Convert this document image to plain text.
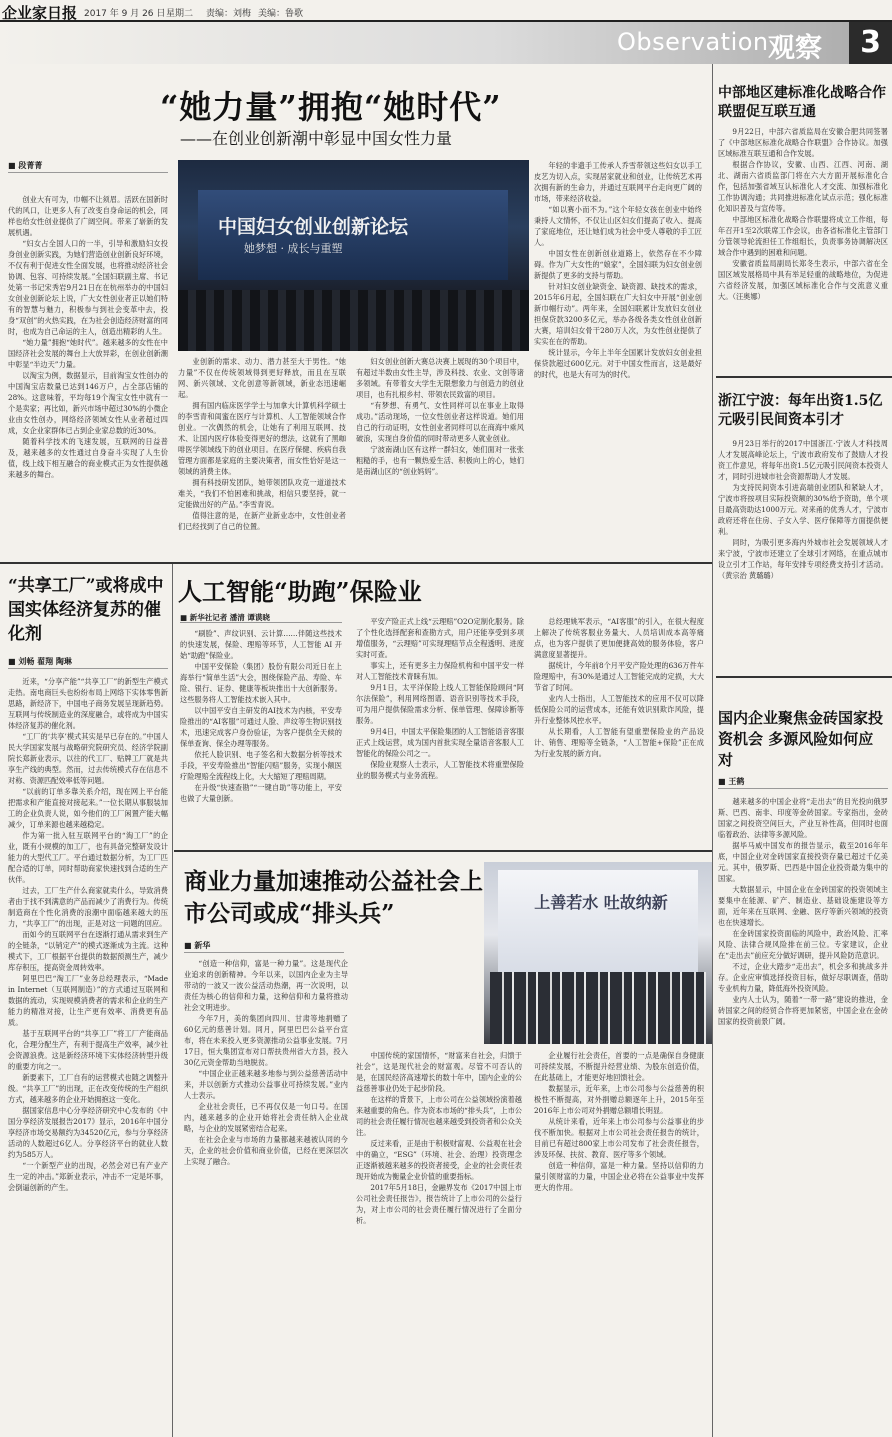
企业家日报 2017 年 9 月 26 日 星期二 责编：刘梅 美编：鲁歌
Observation 观察	3
“她力量”拥抱“她时代”
——在创业创新潮中彰显中国女性力量
■ 段菁菁
中国妇女创业创新论坛
她梦想 · 成长与重塑

创业大有可为，巾帼不让须眉。活跃在国新时代的风口，让更多人有了改变自身命运的机会，同样也给女性创业提供了广阔空间。带来了崭新的发展机遇。

“妇女占全国人口的一半，引导和激励妇女投身创业创新实践，为她们营造创业创新良好环境，不仅有利于促进女性全面发展，也将推动经济社会协调、包容、可持续发展。”全国妇联副主席、书记处第一书记宋秀岩9月21日在在杭州举办的中国妇女创业创新论坛上说，广大女性创业者正以她们特有的智慧与魅力，积极参与到社会变革中去，投身“双创”的火热实践，在为社会创造经济财富的同时，也成为自己命运的主人，创造出精彩的人生。

“她力量”拥抱“她时代”。越来越多的女性在中国经济社会发展的舞台上大放异彩，在创业创新潮中彰显“半边天”力量。

以淘宝为例，数据显示，目前淘宝女性创办的中国淘宝店数量已达到146万户，占全部店铺的28%。这意味着，平均每19个淘宝女性中就有一个是卖家；再比如，新兴市场中超过30%的小微企业由女性创办，网络经济领域女性从业者超过四成，女企业家群体已占到企业家总数的近30%。

随着科学技术的飞速发展，互联网的日益普及，越来越多的女性通过自身奋斗实现了人生价值，线上线下相互融合的商业模式正为女性提供越来越多的舞台。

业创新的需求、动力、潜力甚至大于男性。“她力量”不仅在传统领域得到更好释放，而且在互联网、新兴领域、文化创意等新领域，新业态迅速崛起。

拥有国内临床医学学士与加拿大计算机科学硕士的李雪青和闺蜜在医疗与计算机、人工智能领域合作创业。一次偶然的机会，让她有了利用互联网、技术、让国内医疗体验变得更好的想法，这就有了黑咖啡医学领域线下的创业项目。在医疗保健、疾病自我管理方面都是家庭的主要决策者，而女性恰好是这一领域的消费主体。

拥有科技研发团队，她带领团队攻克一道道技术难关，“我们不怕困难和挑战，相信只要坚持，就一定能做出好的产品。”李雪青说。

值得注意的是，在新产业新业态中，女性创业者们已经找到了自己的位置。

妇女创业创新大赛总决赛上展现的30个项目中，有超过半数由女性主导，涉及科技、农业、文创等诸多领域。有带着女大学生无限想象力与创造力的创业项目，也有扎根乡村、带领农民致富的项目。

“有梦想、有勇气、女性同样可以在事业上取得成功。”活动现场，一位女性创业者这样说道。她们用自己的行动证明，女性创业者同样可以在商海中乘风破浪，实现自身价值的同时带动更多人就业创业。

宁波南湖山区有这样一群妇女，她们面对一张张粗糙的手，也有一颗热爱生活、积极向上的心，她们是南湖山区的“创业妈妈”。

年轻的非遗手工传承人乔雪带领这些妇女以手工皮艺为切入点，实现居家就业和创业，让传统艺术再次拥有新的生命力，并通过互联网平台走向更广阔的市场，带来经济收益。

“如以赛小而不为。”这个年轻女孩在创业中始终秉持人文情怀，不仅让山区妇女们提高了收入、提高了家庭地位，还让她们成为社会中受人尊敬的手工匠人。

中国女性在创新创业道路上，依然存在不少障碍。作为广大女性的“娘家”，全国妇联为妇女创业创新提供了更多的支持与帮助。

针对妇女创业缺资金、缺资源、缺技术的需求，2015年6月起，全国妇联在广大妇女中开展“创业创新巾帼行动”。两年来，全国妇联累计发放妇女创业担保贷款3200多亿元，举办各级各类女性创业创新大赛，培训妇女骨干280万人次，为女性创业提供了实实在在的帮助。

统计显示，今年上半年全国累计发放妇女创业担保贷款超过600亿元。对于中国女性而言，这是最好的时代，也是大有可为的时代。

中部地区建标准化战略合作联盟促互联互通

9月22日，中部六省质监局在安徽合肥共同签署了《中部地区标准化战略合作联盟》合作协议。加强区域标准互联互通和合作发展。

根据合作协议，安徽、山西、江西、河南、湖北、湖南六省质监部门将在六大方面开展标准化合作，包括加强省域互认标准化人才交流、加强标准化工作协调沟通；共同推进标准化试点示范；强化标准化知识普及与宣传等。

中部地区标准化战略合作联盟将成立工作组，每年召开1至2次联席工作会议，由各省标准化主管部门分管领导轮流担任工作组组长，负责事务协调解决区域合作中遇到的困难和问题。

安徽省质监局副局长郑冬生表示，中部六省在全国区域发展格局中具有举足轻重的战略地位，为促进六省经济发展，加强区域标准化合作与交流意义重大。（汪奥娜）

浙江宁波：每年出资1.5亿元吸引民间资本引才

9月23日举行的2017中国浙江·宁波人才科技周人才发展高峰论坛上，宁波市政府发布了鼓励人才投资工作意见，将每年出资1.5亿元吸引民间资本投资人才，同时引进城市社会资源帮助人才发展。

为支持民间资本引进高端创业团队和紧缺人才，宁波市将按项目实际投资额的30%给予资助，单个项目最高资助达1000万元。对来甬的优秀人才，宁波市政府还将在住房、子女入学、医疗保障等方面提供便利。

同时，为吸引更多海内外城市社会发展领域人才来宁波，宁波市还建立了全球引才网络，在重点城市设立引才工作站，每年安排专项经费支持引才活动。（黄宗治 黄璐璐）

国内企业聚焦金砖国家投资机会 多源风险如何应对
■ 王鹤

越来越多的中国企业将“走出去”的目光投向俄罗斯、巴西、南非、印度等金砖国家。专家指出，金砖国家之间投资空间巨大，产业互补性高，但同时也面临着政治、法律等多源风险。

据毕马威中国发布的报告显示，截至2016年年底，中国企业对金砖国家直接投资存量已超过千亿美元。其中，俄罗斯、巴西是中国企业投资最为集中的国家。

大数据显示，中国企业在金砖国家的投资领域主要集中在能源、矿产、制造业、基础设施建设等方面，近年来在互联网、金融、医疗等新兴领域的投资也在快速增长。

在金砖国家投资面临的风险中，政治风险、汇率风险、法律合规风险排在前三位。专家建议，企业在“走出去”前应充分做好调研，提升风险防范意识。

不过，企业大踏步“走出去”，机会多和挑战多并存。企业应审慎选择投资目标，做好尽职调查，借助专业机构力量，降低海外投资风险。

业内人士认为，随着“一带一路”建设的推进，金砖国家之间的经贸合作将更加紧密，中国企业在金砖国家的投资前景广阔。

“共享工厂”或将成中国实体经济复苏的催化剂
■ 刘畅 翟翔 陶琳

近来，“分享产能”“共享工厂”的新型生产模式走热。南电商巨头也纷纷布局上网络下实体零售新思路，新经济下，中国电子商务发展呈现新趋势。互联网与传统制造业的深度融合，或将成为中国实体经济复苏的催化剂。

“工厂的‘共享’模式其实是早已存在的。”中国人民大学国家发展与战略研究院研究员、经济学院副院长郑新业表示，以往的代工厂、贴牌工厂就是共享生产线的典型。然而，过去传统模式存在信息不对称、资源匹配效率低等问题。

“以前的订单多靠关系介绍，现在网上平台能把需求和产能直接对接起来。”一位长期从事服装加工的企业负责人说，如今他们的工厂闲置产能大幅减少，订单来源也越来越稳定。

作为第一批入驻互联网平台的“淘工厂”的企业，既有小规模的加工厂，也有具备完整研发设计能力的大型代工厂。平台通过数据分析，为工厂匹配合适的订单，同时帮助商家快速找到合适的生产伙伴。

过去，工厂生产什么商家就卖什么，导致消费者由于找不到满意的产品而减少了消费行为。传统制造商在个性化消费的浪潮中面临越来越大的压力，“共享工厂”的出现，正是对这一问题的回应。

而如今的互联网平台在逐渐打通从需求到生产的全链条，“以销定产”的模式逐渐成为主流。这种模式下，工厂根据平台提供的数据预测生产，减少库存积压，提高资金周转效率。

阿里巴巴“淘工厂”业务总经理表示，“Made in Internet（互联网制造）”的方式通过互联网和数据的流动，实现规模消费者的需求和企业的生产能力的精准对接，让生产更有效率、消费更有品质。

基于互联网平台的“共享工厂”将工厂产能商品化，合理分配生产，有利于提高生产效率，减少社会资源浪费。这是新经济环境下实体经济转型升级的重要方向之一。

新要素下，工厂自有的运营模式也随之调整升级。“共享工厂”的出现，正在改变传统的生产组织方式，越来越多的企业开始拥抱这一变化。

据国家信息中心分享经济研究中心发布的《中国分享经济发展报告2017》显示，2016年中国分享经济市场交易额约为34520亿元，参与分享经济活动的人数超过6亿人。分享经济平台的就业人数约为585万人。

“一个新型产业的出现，必然会对已有产业产生一定的冲击。”郑新业表示，冲击不一定是坏事，会倒逼创新的产生。

人工智能“助跑”保险业
■ 新华社记者 潘清 谭谟晓

“刷脸”、声纹识别、云计算……伴随这些技术的快速发展，保险、理赔等环节，人工智能 AI 开始“助跑”保险业。

中国平安保险（集团）股份有限公司近日在上海举行“简单生活”大会，围绕保险产品、寿险、车险、银行、证券、健康等板块推出十大创新服务。这些服务将人工智能技术嵌入其中。

以中国平安自主研发的AI技术为内核，平安寿险推出的“AI客服”可通过人脸、声纹等生物识别技术，迅速完成客户身份验证，为客户提供全天候的保单查询、保全办理等服务。

依托人脸识别、电子签名和大数据分析等技术手段，平安寿险推出“智能闪赔”服务，实现小额医疗险理赔全流程线上化，大大缩短了理赔周期。

在升级“快速查勘”“一键自助”等功能上，平安也做了大量创新。

平安产险正式上线“云理赔”O2O定制化服务。除了个性化选择配套和查勘方式，用户还能享受到多项增值服务，“云理赔”可实现理赔节点全程透明、进度实时可查。

事实上，还有更多主力保险机构和中国平安一样对人工智能技术青睐有加。

9月1日，太平洋保险上线人工智能保险顾问“阿尔法保险”，利用网络图谱、语音识别等技术手段，可为用户提供保险需求分析、保单管理、保障诊断等服务。

9月4日，中国太平保险集团的人工智能语音客服正式上线运营，成为国内首批实现全量语音客服人工智能化的保险公司之一。

保险业观察人士表示，人工智能技术将重塑保险业的服务模式与业务流程。

总经理姚军表示，“AI客服”的引入，在很大程度上解决了传统客服业务量大、人员培训成本高等痛点，也为客户提供了更加便捷高效的服务体验，客户满意度显著提升。

据统计，今年前8个月平安产险处理的636万件车险理赔中，有30%是通过人工智能完成的定损，大大节省了时间。

业内人士指出，人工智能技术的应用不仅可以降低保险公司的运营成本，还能有效识别欺诈风险，提升行业整体风控水平。

从长期看，人工智能有望重塑保险业的产品设计、销售、理赔等全链条，“人工智能+保险”正在成为行业发展的新方向。

商业力量加速推动公益社会上市公司或成“排头兵”
■ 新华
上善若水 吐故纳新

“创造一种信仰，富是一种力量”。这是现代企业追求的创新精神。今年以来，以国内企业为主导带动的一波又一波公益活动热潮，再一次说明，以责任为核心的信仰和力量，这种信仰和力量将推动社会文明进步。

今年7月，美的集团向四川、甘肃等地捐赠了60亿元的慈善计划。同月，阿里巴巴公益平台宣布，将在未来投入更多资源推动公益事业发展。7月17日，恒大集团宣布对口帮扶贵州省大方县，投入30亿元资金帮助当地脱贫。

“中国企业正越来越多地参与到公益慈善活动中来，并以创新方式推动公益事业可持续发展。”业内人士表示。

企业社会责任，已不再仅仅是一句口号。在国内，越来越多的企业开始将社会责任纳入企业战略，与企业的发展紧密结合起来。

在社会企业与市场的力量都越来越被认同的今天，企业的社会价值和商业价值，已经在更深层次上实现了融合。

中国传统的家国情怀，“财富来自社会，归馈于社会”，这是现代社会的财富观。尽管不可否认的是，在国民经济高速增长的数十年中，国内企业的公益慈善事业仍处于起步阶段。

在这样的背景下，上市公司在公益领域扮演着越来越重要的角色。作为资本市场的“排头兵”，上市公司的社会责任履行情况也越来越受到投资者和公众关注。

反过来看，正是由于积极财富观、公益观在社会中的确立，“ESG”（环境、社会、治理）投资理念正逐渐被越来越多的投资者接受，企业的社会责任表现开始成为衡量企业价值的重要指标。

2017年5月18日，金融界发布《2017中国上市公司社会责任报告》，报告统计了上市公司的公益行为，对上市公司的社会责任履行情况进行了全面分析。

企业履行社会责任，首要的一点是确保自身健康可持续发展，不断提升经营业绩、为股东创造价值，在此基础上，才能更好地回馈社会。

数据显示，近年来，上市公司参与公益慈善的积极性不断提高，对外捐赠总额逐年上升，2015年至2016年上市公司对外捐赠总额增长明显。

从统计来看，近年来上市公司参与公益事业的步伐不断加快。根据对上市公司社会责任报告的统计，目前已有超过800家上市公司发布了社会责任报告，涉及环保、扶贫、教育、医疗等多个领域。

创造一种信仰，富是一种力量。坚持以信仰的力量引领财富的力量，中国企业必将在公益事业中发挥更大的作用。
